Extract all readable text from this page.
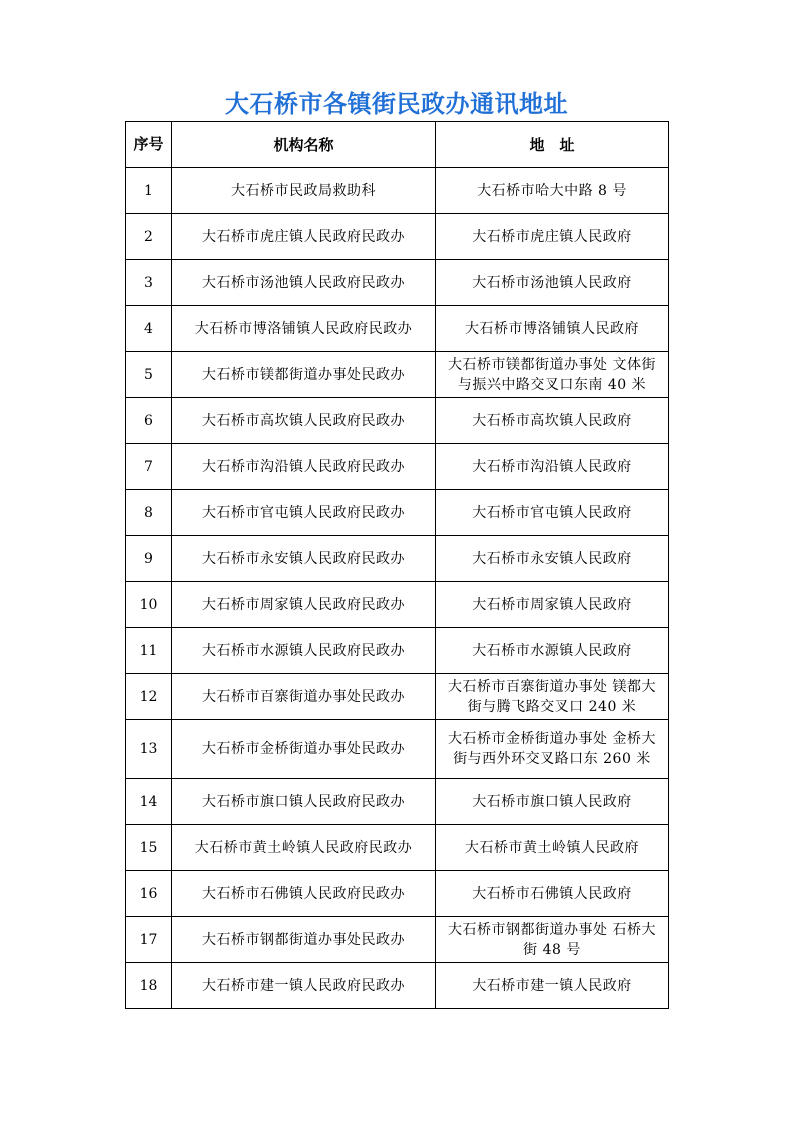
大石桥市各镇街民政办通讯地址
序号	机构名称	地　址
1	大石桥市民政局救助科	大石桥市哈大中路 8 号
2	大石桥市虎庄镇人民政府民政办	大石桥市虎庄镇人民政府
3	大石桥市汤池镇人民政府民政办	大石桥市汤池镇人民政府
4	大石桥市博洛铺镇人民政府民政办	大石桥市博洛铺镇人民政府
5	大石桥市镁都街道办事处民政办	大石桥市镁都街道办事处 文体街与振兴中路交叉口东南 40 米
6	大石桥市高坎镇人民政府民政办	大石桥市高坎镇人民政府
7	大石桥市沟沿镇人民政府民政办	大石桥市沟沿镇人民政府
8	大石桥市官屯镇人民政府民政办	大石桥市官屯镇人民政府
9	大石桥市永安镇人民政府民政办	大石桥市永安镇人民政府
10	大石桥市周家镇人民政府民政办	大石桥市周家镇人民政府
11	大石桥市水源镇人民政府民政办	大石桥市水源镇人民政府
12	大石桥市百寨街道办事处民政办	大石桥市百寨街道办事处 镁都大街与腾飞路交叉口 240 米
13	大石桥市金桥街道办事处民政办	大石桥市金桥街道办事处 金桥大街与西外环交叉路口东 260 米
14	大石桥市旗口镇人民政府民政办	大石桥市旗口镇人民政府
15	大石桥市黄土岭镇人民政府民政办	大石桥市黄土岭镇人民政府
16	大石桥市石佛镇人民政府民政办	大石桥市石佛镇人民政府
17	大石桥市钢都街道办事处民政办	大石桥市钢都街道办事处 石桥大街 48 号
18	大石桥市建一镇人民政府民政办	大石桥市建一镇人民政府
